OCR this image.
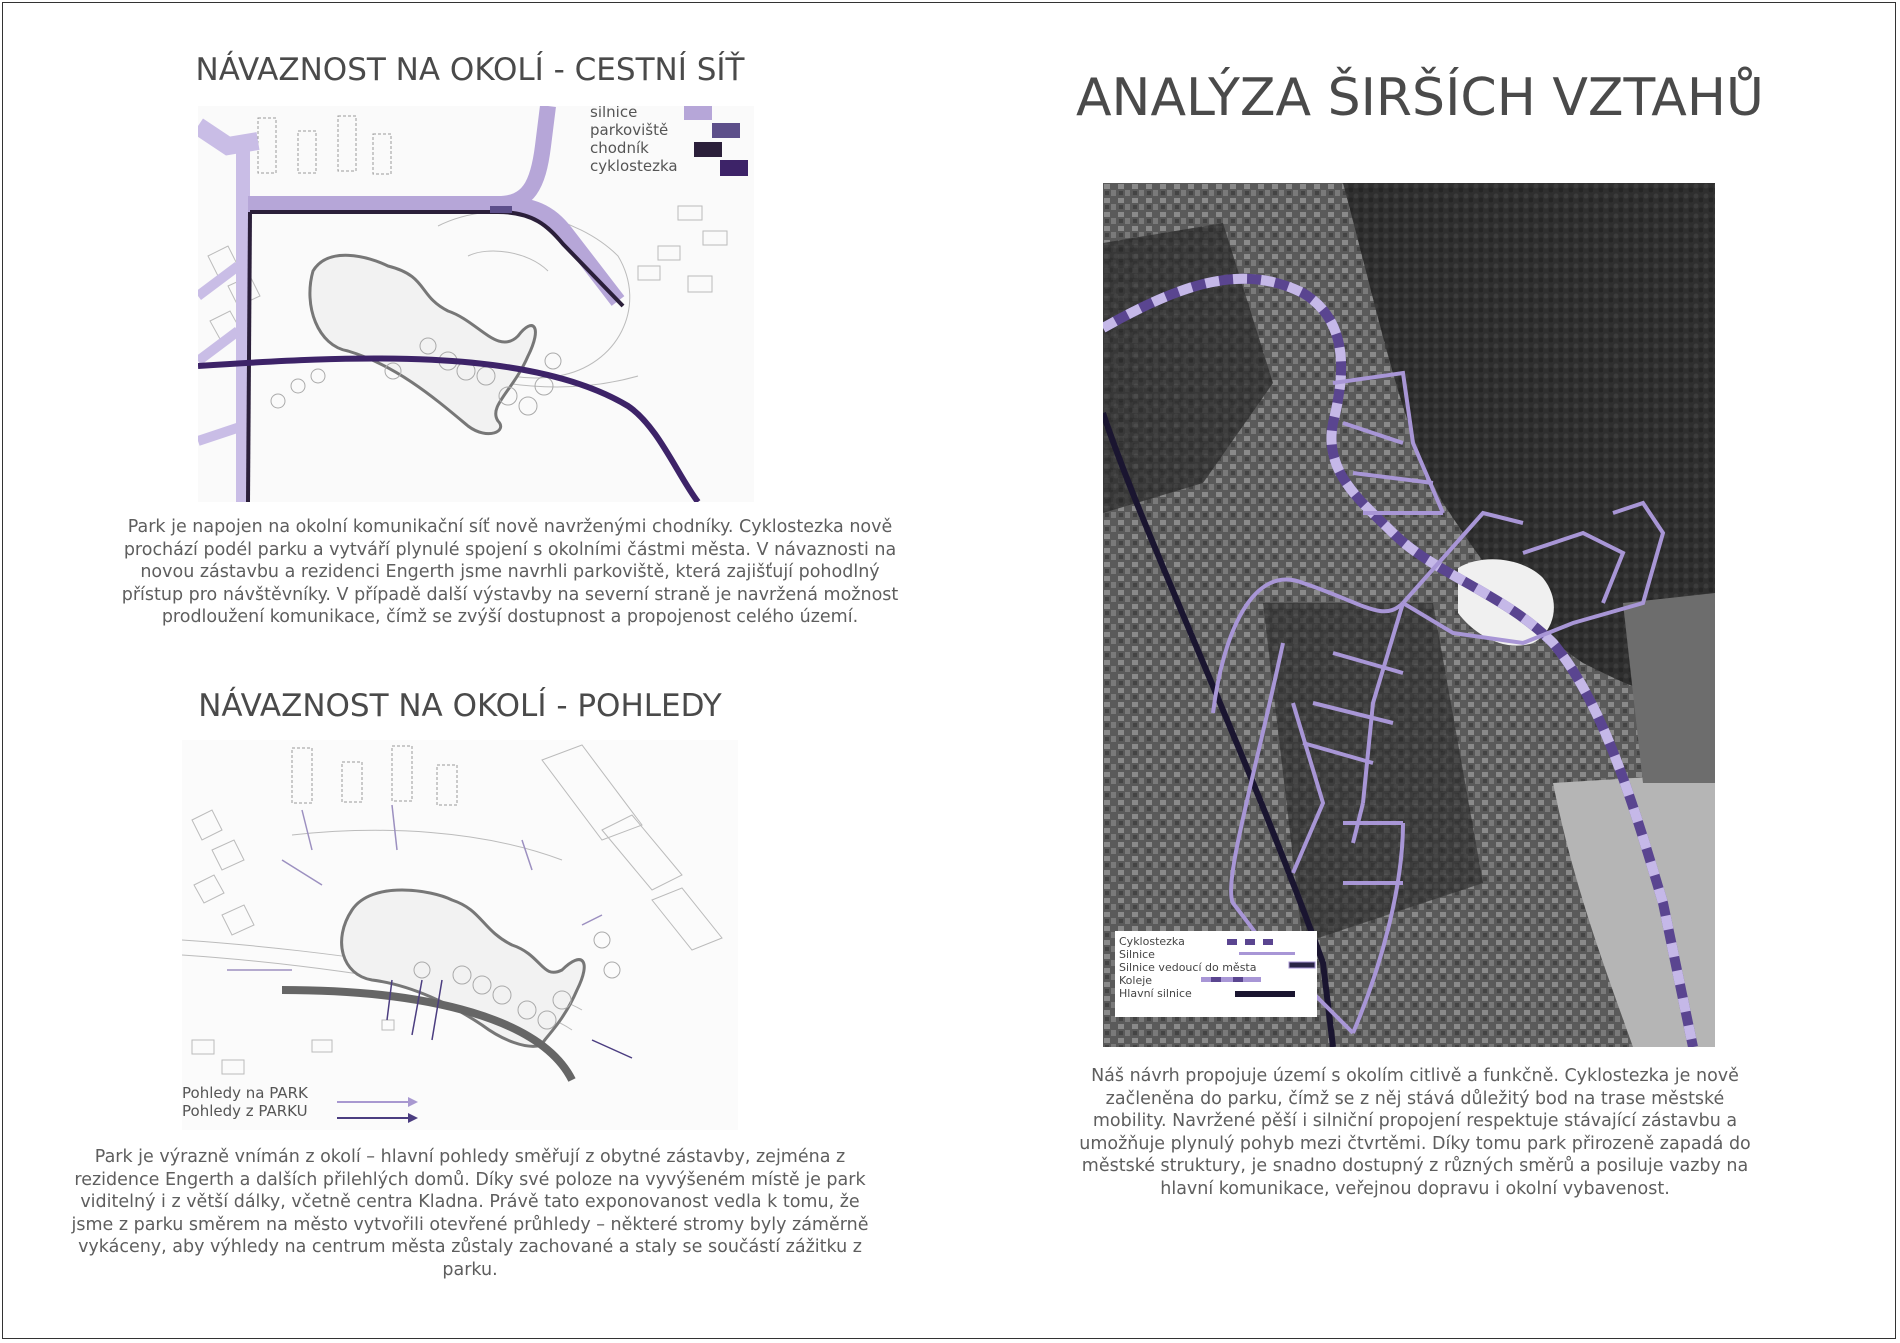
NÁVAZNOST NA OKOLÍ - CESTNÍ SÍŤ
silnice
parkoviště
chodník
cyklostezka

Park je napojen na okolní komunikační síť nově navrženými chodníky. Cyklostezka nově prochází podél parku a vytváří plynulé spojení s okolními částmi města. V návaznosti na novou zástavbu a rezidenci Engerth jsme navrhli parkoviště, která zajišťují pohodlný přístup pro návštěvníky. V případě další výstavby na severní straně je navržená možnost prodloužení komunikace, čímž se zvýší dostupnost a propojenost celého území.

NÁVAZNOST NA OKOLÍ - POHLEDY
Pohledy na PARK
Pohledy z PARKU

Park je výrazně vnímán z okolí – hlavní pohledy směřují z obytné zástavby, zejména z rezidence Engerth a dalších přilehlých domů. Díky své poloze na vyvýšeném místě je park viditelný i z větší dálky, včetně centra Kladna. Právě tato exponovanost vedla k tomu, že jsme z parku směrem na město vytvořili otevřené průhledy – některé stromy byly záměrně vykáceny, aby výhledy na centrum města zůstaly zachované a staly se součástí zážitku z parku.

ANALÝZA ŠIRŠÍCH VZTAHŮ
Cyklostezka
Silnice
Silnice vedoucí do města
Koleje
Hlavní silnice

Náš návrh propojuje území s okolím citlivě a funkčně. Cyklostezka je nově začleněna do parku, čímž se z něj stává důležitý bod na trase městské mobility. Navržené pěší i silniční propojení respektuje stávající zástavbu a umožňuje plynulý pohyb mezi čtvrtěmi. Díky tomu park přirozeně zapadá do městské struktury, je snadno dostupný z různých směrů a posiluje vazby na hlavní komunikace, veřejnou dopravu i okolní vybavenost.
